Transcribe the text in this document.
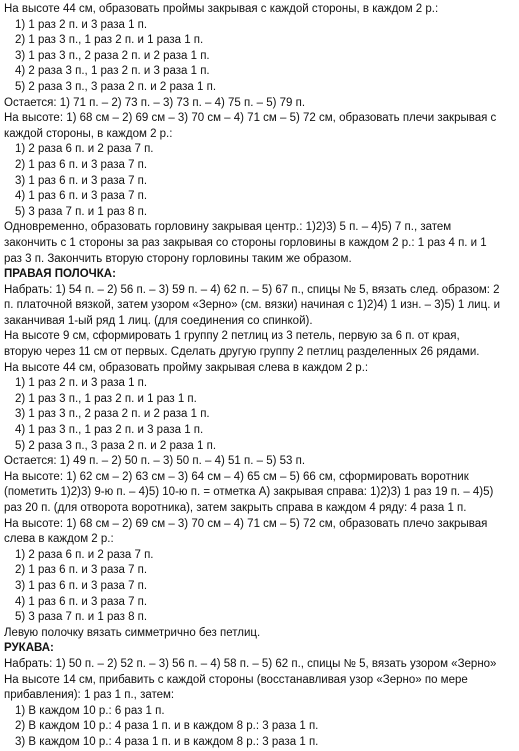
На высоте 44 см, образовать проймы закрывая с каждой стороны, в каждом 2 р.:
1) 1 раз 2 п. и 3 раза 1 п.
2) 1 раз 3 п., 1 раз 2 п. и 1 раза 1 п.
3) 1 раз 3 п., 2 раза 2 п. и 2 раза 1 п.
4) 2 раза 3 п., 1 раз 2 п. и 3 раза 1 п.
5) 2 раза 3 п., 3 раза 2 п. и 2 раза 1 п.
Остается: 1) 71 п. – 2) 73 п. – 3) 73 п. – 4) 75 п. – 5) 79 п.
На высоте: 1) 68 см – 2) 69 см – 3) 70 см – 4) 71 см – 5) 72 см, образовать плечи закрывая с
каждой стороны, в каждом 2 р.:
1) 2 раза 6 п. и 2 раза 7 п.
2) 1 раз 6 п. и 3 раза 7 п.
3) 1 раз 6 п. и 3 раза 7 п.
4) 1 раз 6 п. и 3 раза 7 п.
5) 3 раза 7 п. и 1 раз 8 п.
Одновременно, образовать горловину закрывая центр.: 1)2)3) 5 п. – 4)5) 7 п., затем
закончить с 1 стороны за раз закрывая со стороны горловины в каждом 2 р.: 1 раз 4 п. и 1
раз 3 п. Закончить вторую сторону горловины таким же образом.
ПРАВАЯ ПОЛОЧКА:
Набрать: 1) 54 п. – 2) 56 п. – 3) 59 п. – 4) 62 п. – 5) 67 п., спицы № 5, вязать след. образом: 2
п. платочной вязкой, затем узором «Зерно» (см. вязки) начиная с 1)2)4) 1 изн. – 3)5) 1 лиц. и
заканчивая 1-ый ряд 1 лиц. (для соединения со спинкой).
На высоте 9 см, сформировать 1 группу 2 петлиц из 3 петель, первую за 6 п. от края,
вторую через 11 см от первых. Сделать другую группу 2 петлиц разделенных 26 рядами.
На высоте 44 см, образовать пройму закрывая слева в каждом 2 р.:
1) 1 раз 2 п. и 3 раза 1 п.
2) 1 раз 3 п., 1 раз 2 п. и 1 раз 1 п.
3) 1 раз 3 п., 2 раза 2 п. и 2 раза 1 п.
4) 1 раз 3 п., 1 раз 2 п. и 3 раза 1 п.
5) 2 раза 3 п., 3 раза 2 п. и 2 раза 1 п.
Остается: 1) 49 п. – 2) 50 п. – 3) 50 п. – 4) 51 п. – 5) 53 п.
На высоте: 1) 62 см – 2) 63 см – 3) 64 см – 4) 65 см – 5) 66 см, сформировать воротник
(пометить 1)2)3) 9-ю п. – 4)5) 10-ю п. = отметка А) закрывая справа: 1)2)3) 1 раз 19 п. – 4)5)
раз 20 п. (для отворота воротника), затем закрыть справа в каждом 4 ряду: 4 раза 1 п.
На высоте: 1) 68 см – 2) 69 см – 3) 70 см – 4) 71 см – 5) 72 см, образовать плечо закрывая
слева в каждом 2 р.:
1) 2 раза 6 п. и 2 раза 7 п.
2) 1 раз 6 п. и 3 раза 7 п.
3) 1 раз 6 п. и 3 раза 7 п.
4) 1 раз 6 п. и 3 раза 7 п.
5) 3 раза 7 п. и 1 раз 8 п.
Левую полочку вязать симметрично без петлиц.
РУКАВА:
Набрать: 1) 50 п. – 2) 52 п. – 3) 56 п. – 4) 58 п. – 5) 62 п., спицы № 5, вязать узором «Зерно»
На высоте 14 см, прибавить с каждой стороны (восстанавливая узор «Зерно» по мере
прибавления): 1 раз 1 п., затем:
1) В каждом 10 р.: 6 раз 1 п.
2) В каждом 10 р.: 4 раза 1 п. и в каждом 8 р.: 3 раза 1 п.
3) В каждом 10 р.: 4 раза 1 п. и в каждом 8 р.: 3 раза 1 п.
